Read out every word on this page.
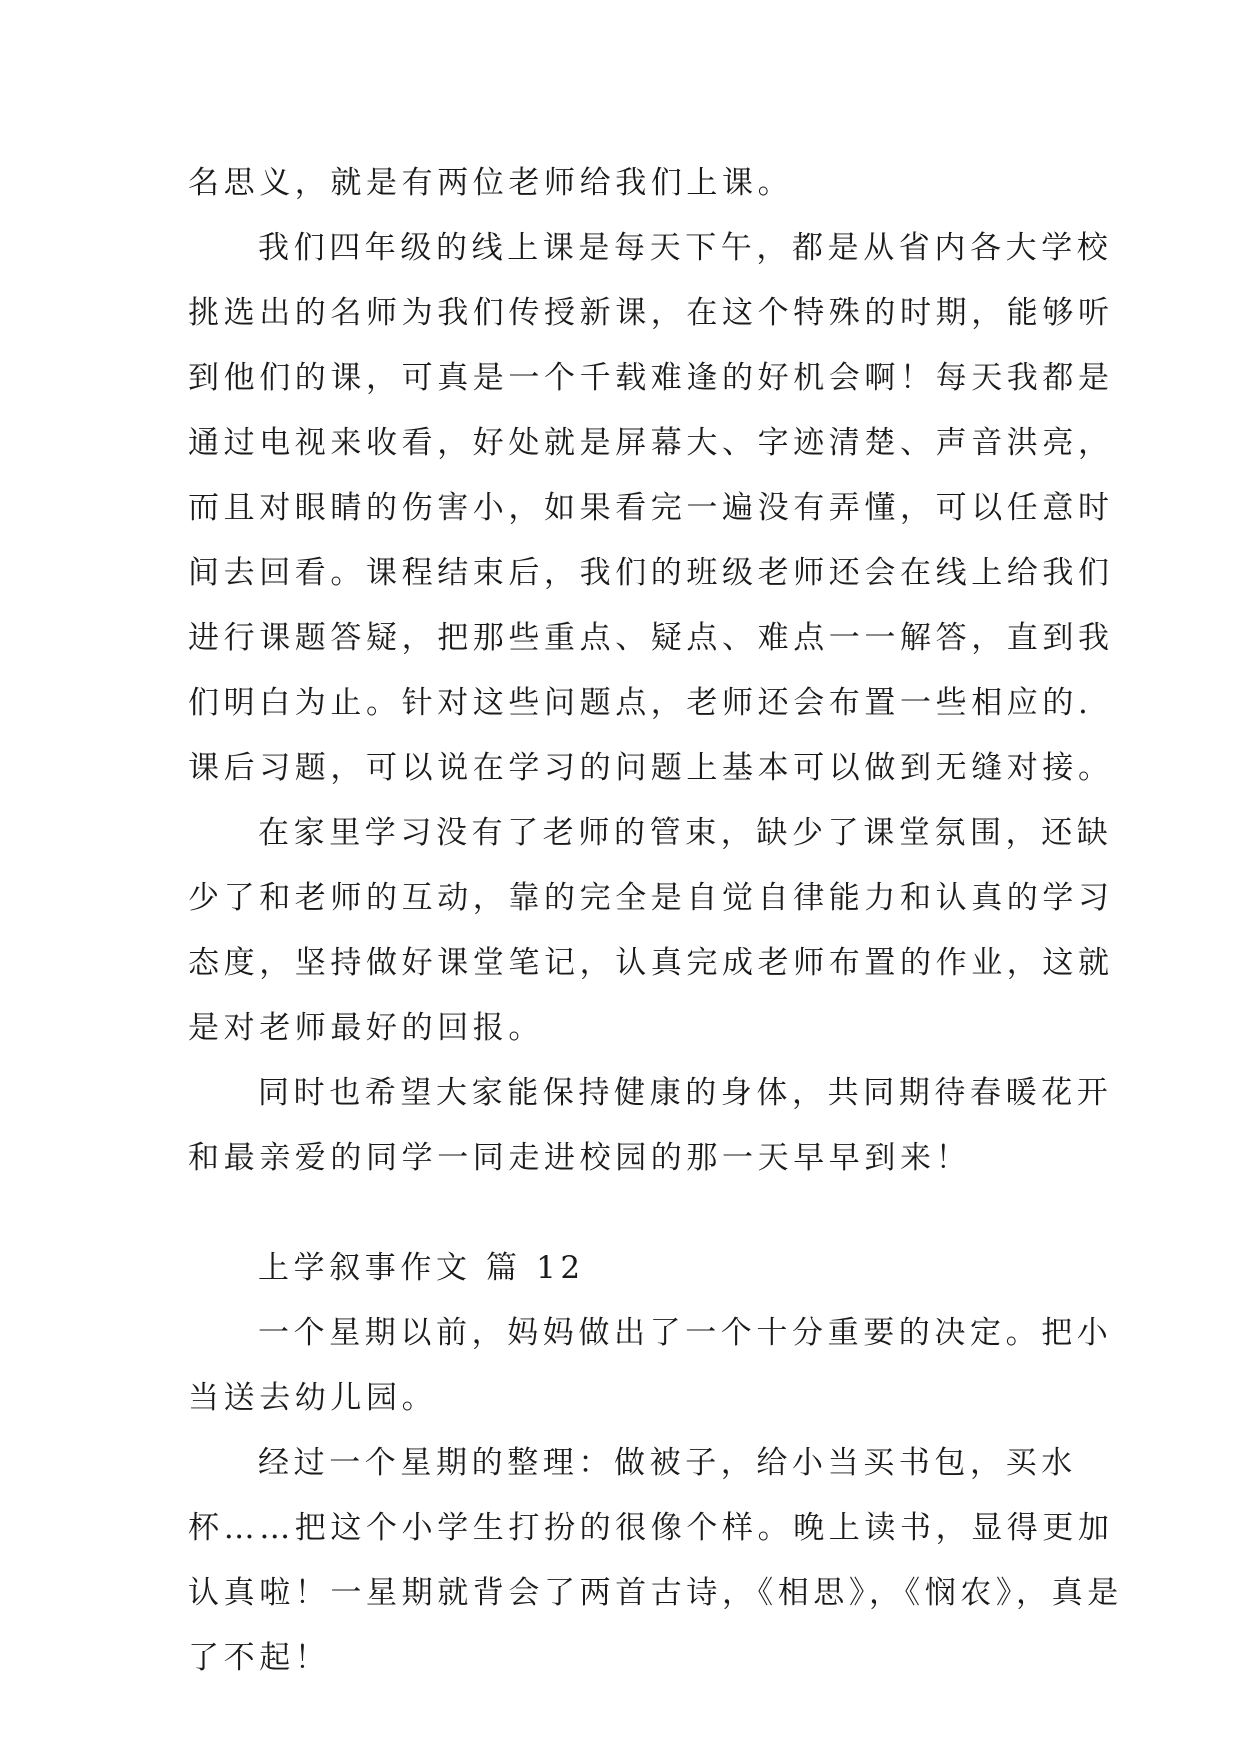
名思义，就是有两位老师给我们上课。
我们四年级的线上课是每天下午，都是从省内各大学校
挑选出的名师为我们传授新课，在这个特殊的时期，能够听
到他们的课，可真是一个千载难逢的好机会啊！每天我都是
通过电视来收看，好处就是屏幕大、字迹清楚、声音洪亮，
而且对眼睛的伤害小，如果看完一遍没有弄懂，可以任意时
间去回看。课程结束后，我们的班级老师还会在线上给我们
进行课题答疑，把那些重点、疑点、难点一一解答，直到我
们明白为止。针对这些问题点，老师还会布置一些相应的.
课后习题，可以说在学习的问题上基本可以做到无缝对接。
在家里学习没有了老师的管束，缺少了课堂氛围，还缺
少了和老师的互动，靠的完全是自觉自律能力和认真的学习
态度，坚持做好课堂笔记，认真完成老师布置的作业，这就
是对老师最好的回报。
同时也希望大家能保持健康的身体，共同期待春暖花开
和最亲爱的同学一同走进校园的那一天早早到来！
上学叙事作文 篇 12
一个星期以前，妈妈做出了一个十分重要的决定。把小
当送去幼儿园。
经过一个星期的整理：做被子，给小当买书包，买水
杯……把这个小学生打扮的很像个样。晚上读书，显得更加
认真啦！一星期就背会了两首古诗，《相思》，《悯农》，真是
了不起！
